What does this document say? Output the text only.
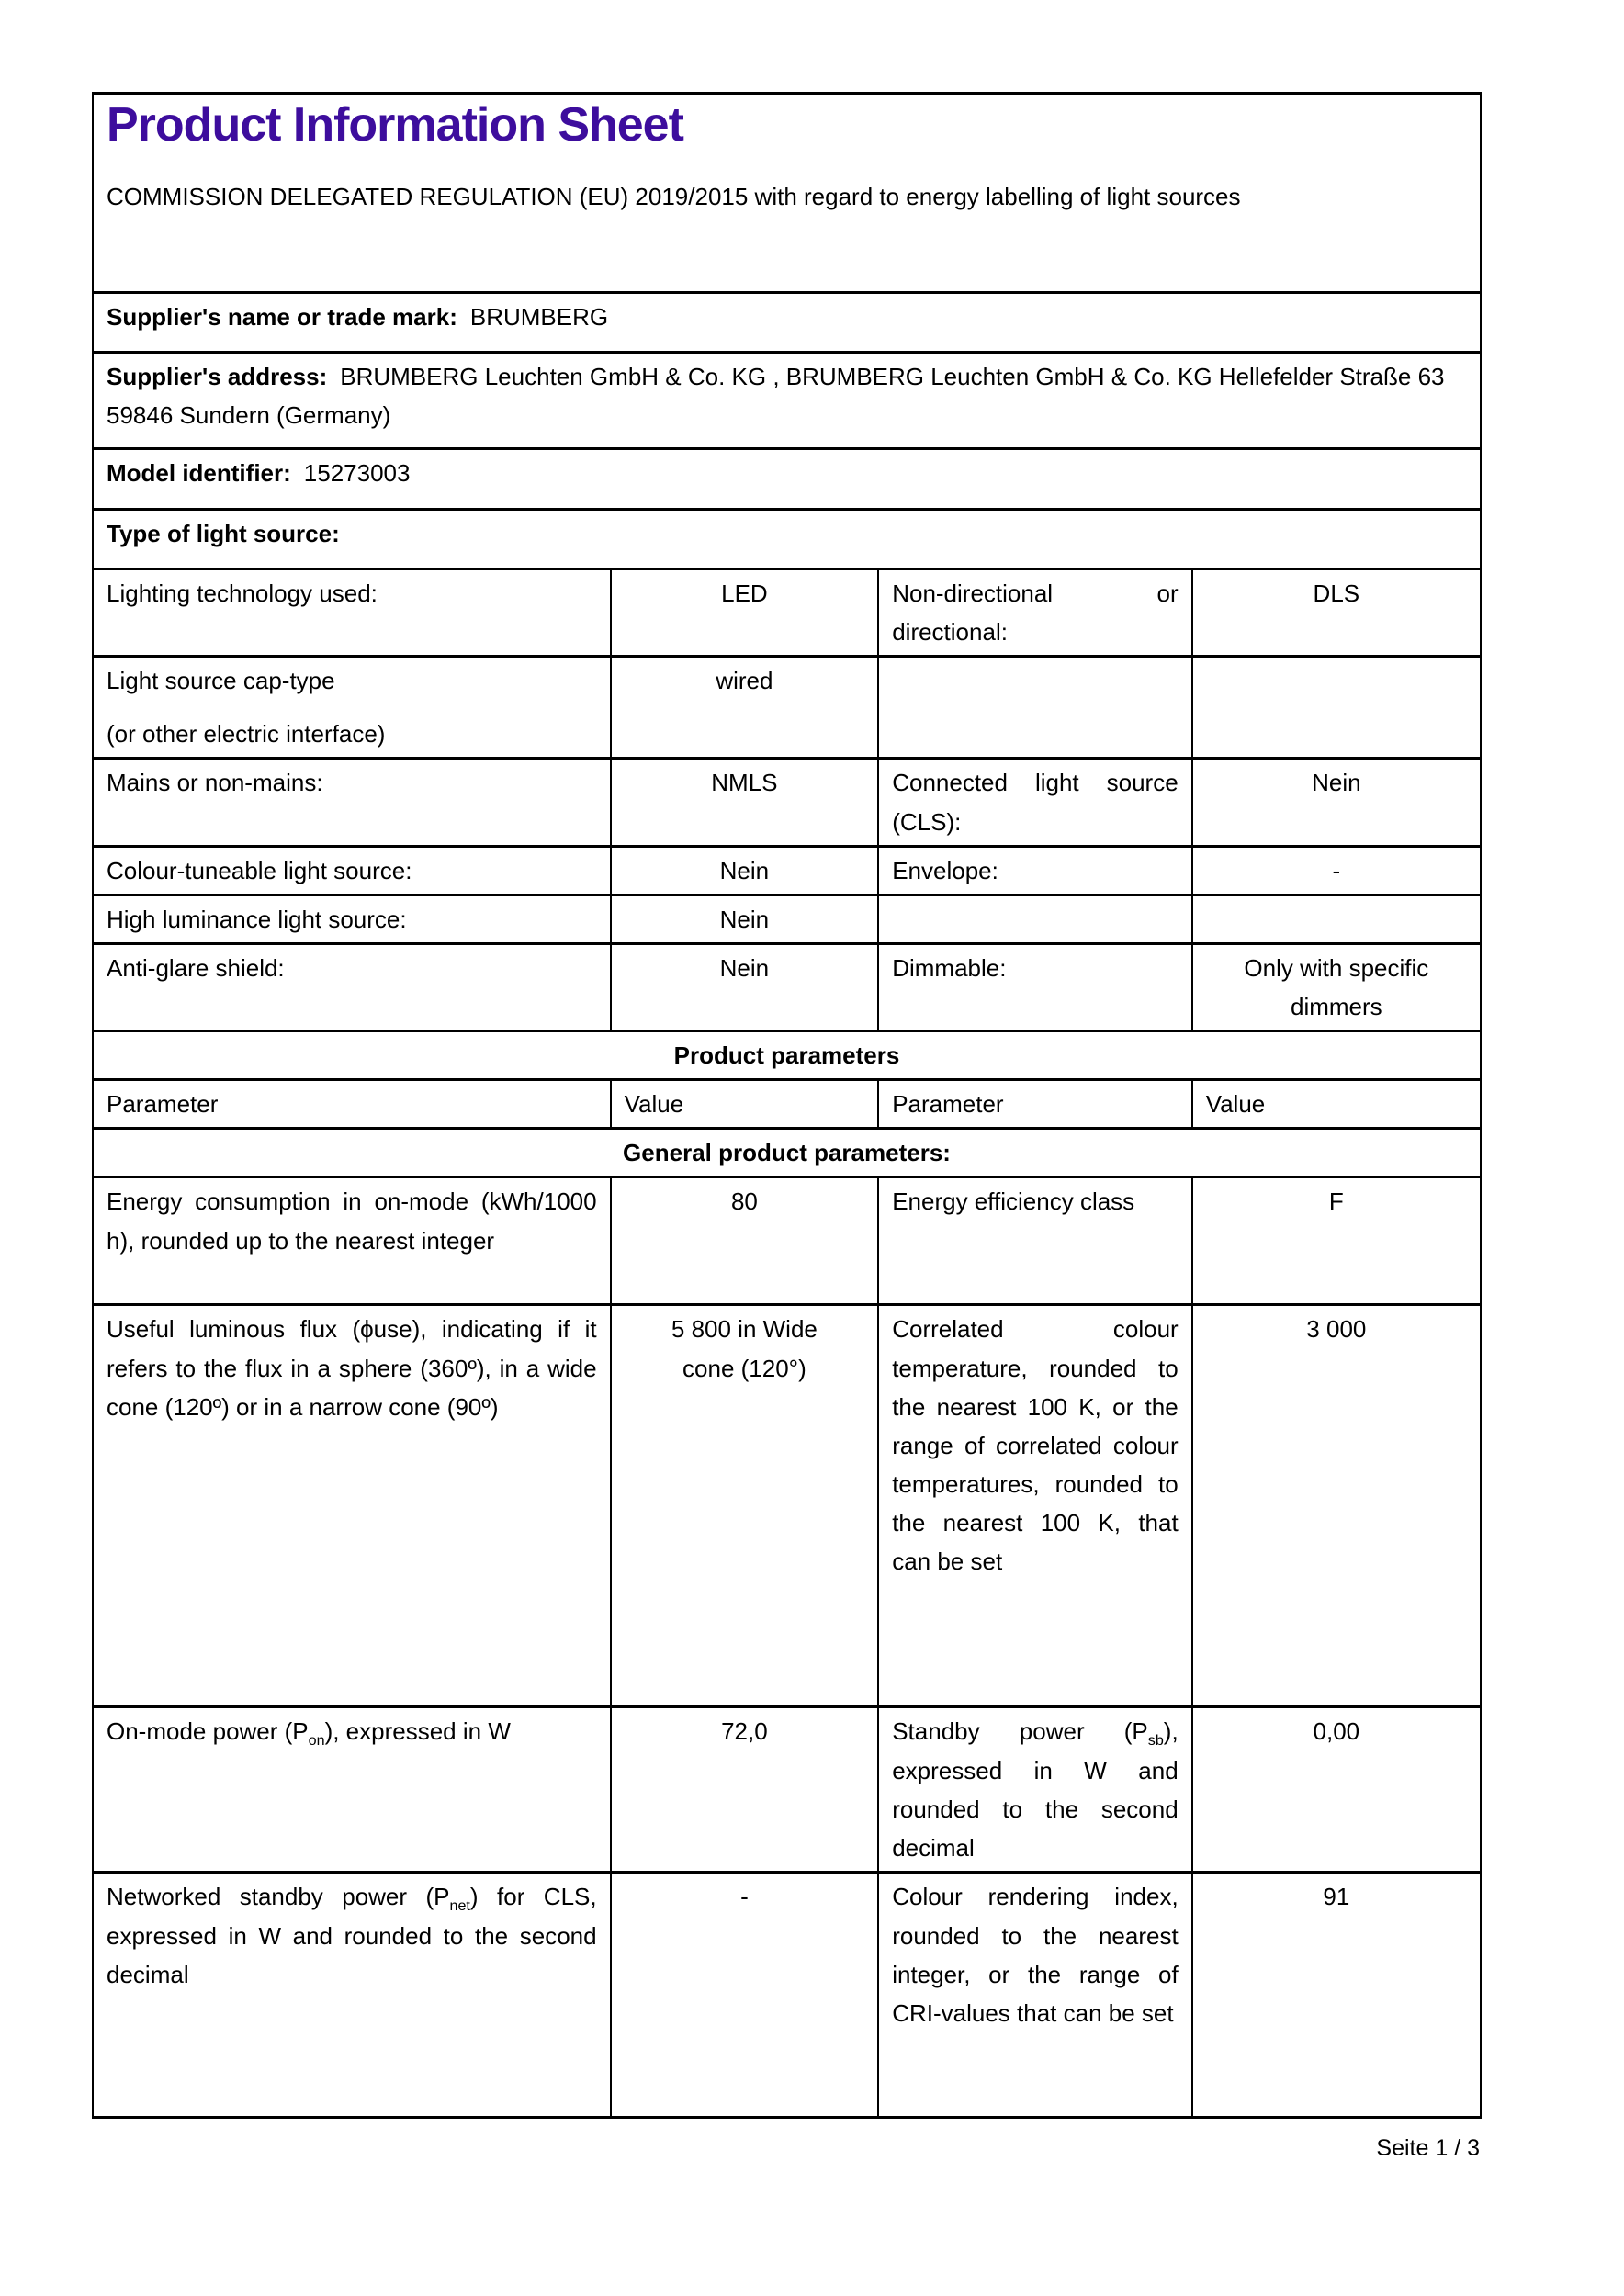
Product Information Sheet

COMMISSION DELEGATED REGULATION (EU) 2019/2015 with regard to energy labelling of light sources

Supplier's name or trade mark: BRUMBERG			
Supplier's address: BRUMBERG Leuchten GmbH & Co. KG , BRUMBERG Leuchten GmbH & Co. KG Hellefelder Straße 63 59846 Sundern (Germany)			
Model identifier: 15273003			
Type of light source:			
Lighting technology used:	LED	Non-directional or directional:	DLS

Light source cap-type
(or other electric interface)	wired		
Mains or non-mains:	NMLS	Connected light source (CLS):	Nein
Colour-tuneable light source:	Nein	Envelope:	-
High luminance light source:	Nein		
Anti-glare shield:	Nein	Dimmable:	Only with specific dimmers
Product parameters			
Parameter	Value	Parameter	Value
General product parameters:			
Energy consumption in on-mode (kWh/1000 h), rounded up to the nearest integer	80	Energy efficiency class	F
Useful luminous flux (ϕuse), indicating if it refers to the flux in a sphere (360º), in a wide cone (120º) or in a narrow cone (90º)	5 800 in Wide cone (120°)	Correlated colour temperature, rounded to the nearest 100 K, or the range of correlated colour temperatures, rounded to the nearest 100 K, that can be set	3 000
On-mode power $(P_{on})$, expressed in W	72,0	Standby power $(P_{sb})$, expressed in W and rounded to the second decimal	0,00
Networked standby power $(P_{net})$ for CLS, expressed in W and rounded to the second decimal	-	Colour rendering index, rounded to the nearest integer, or the range of CRI-values that can be set	91
Seite 1 / 3
